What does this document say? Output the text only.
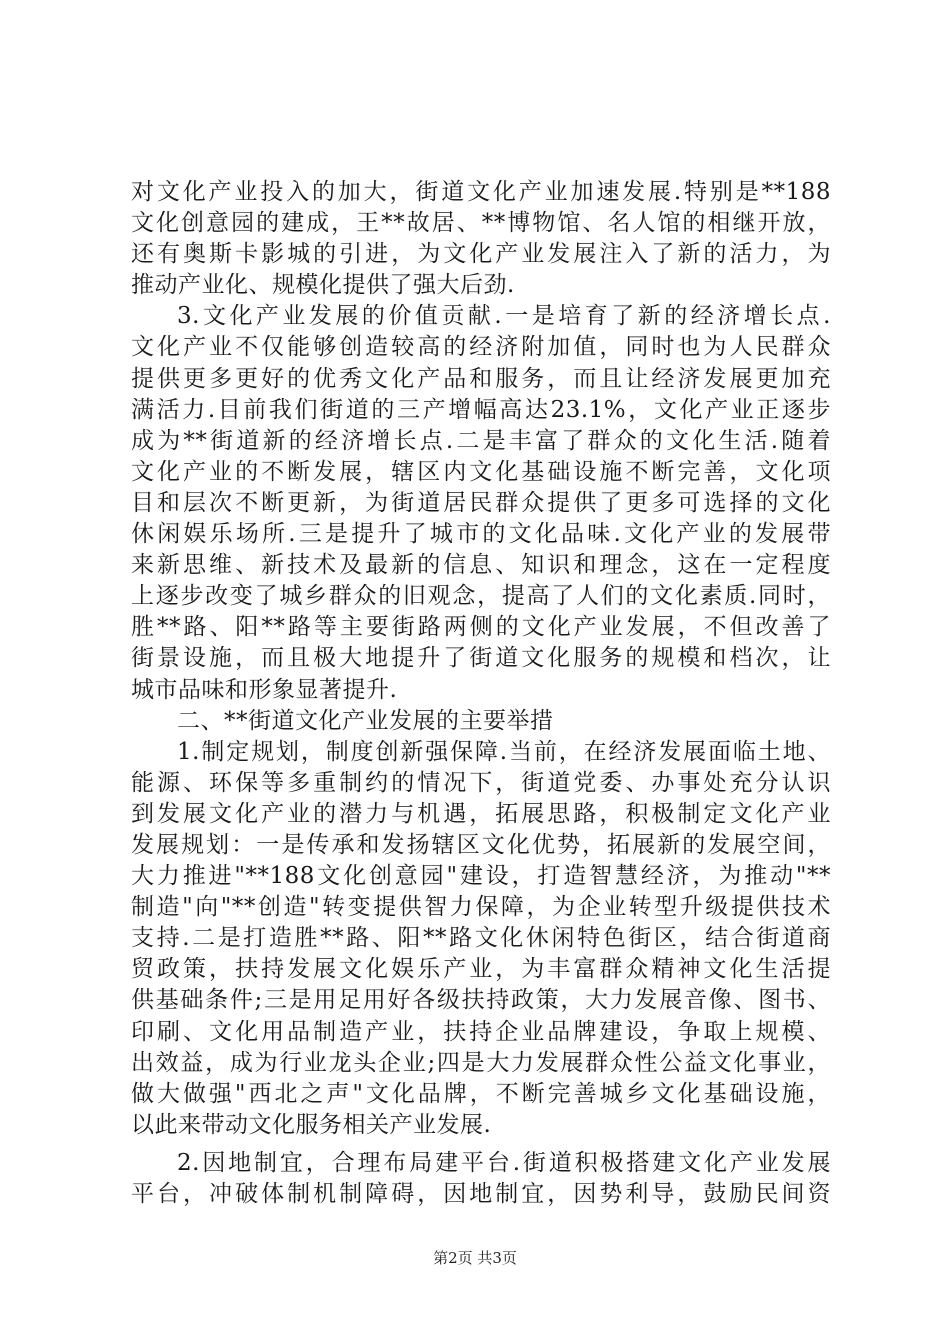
对文化产业投入的加大，街道文化产业加速发展.特别是**188
文化创意园的建成，王**故居、**博物馆、名人馆的相继开放，
还有奥斯卡影城的引进，为文化产业发展注入了新的活力，为
推动产业化、规模化提供了强大后劲.
3.文化产业发展的价值贡献.一是培育了新的经济增长点.
文化产业不仅能够创造较高的经济附加值，同时也为人民群众
提供更多更好的优秀文化产品和服务，而且让经济发展更加充
满活力.目前我们街道的三产增幅高达23.1%，文化产业正逐步
成为**街道新的经济增长点.二是丰富了群众的文化生活.随着
文化产业的不断发展，辖区内文化基础设施不断完善，文化项
目和层次不断更新，为街道居民群众提供了更多可选择的文化
休闲娱乐场所.三是提升了城市的文化品味.文化产业的发展带
来新思维、新技术及最新的信息、知识和理念，这在一定程度
上逐步改变了城乡群众的旧观念，提高了人们的文化素质.同时，
胜**路、阳**路等主要街路两侧的文化产业发展，不但改善了
街景设施，而且极大地提升了街道文化服务的规模和档次，让
城市品味和形象显著提升.
二、**街道文化产业发展的主要举措
1.制定规划，制度创新强保障.当前，在经济发展面临土地、
能源、环保等多重制约的情况下，街道党委、办事处充分认识
到发展文化产业的潜力与机遇，拓展思路，积极制定文化产业
发展规划：一是传承和发扬辖区文化优势，拓展新的发展空间，
大力推进"**188文化创意园"建设，打造智慧经济，为推动"**
制造"向"**创造"转变提供智力保障，为企业转型升级提供技术
支持.二是打造胜**路、阳**路文化休闲特色街区，结合街道商
贸政策，扶持发展文化娱乐产业，为丰富群众精神文化生活提
供基础条件;三是用足用好各级扶持政策，大力发展音像、图书、
印刷、文化用品制造产业，扶持企业品牌建设，争取上规模、
出效益，成为行业龙头企业;四是大力发展群众性公益文化事业，
做大做强"西北之声"文化品牌，不断完善城乡文化基础设施，
以此来带动文化服务相关产业发展.
2.因地制宜，合理布局建平台.街道积极搭建文化产业发展
平台，冲破体制机制障碍，因地制宜，因势利导，鼓励民间资
第2页 共3页
